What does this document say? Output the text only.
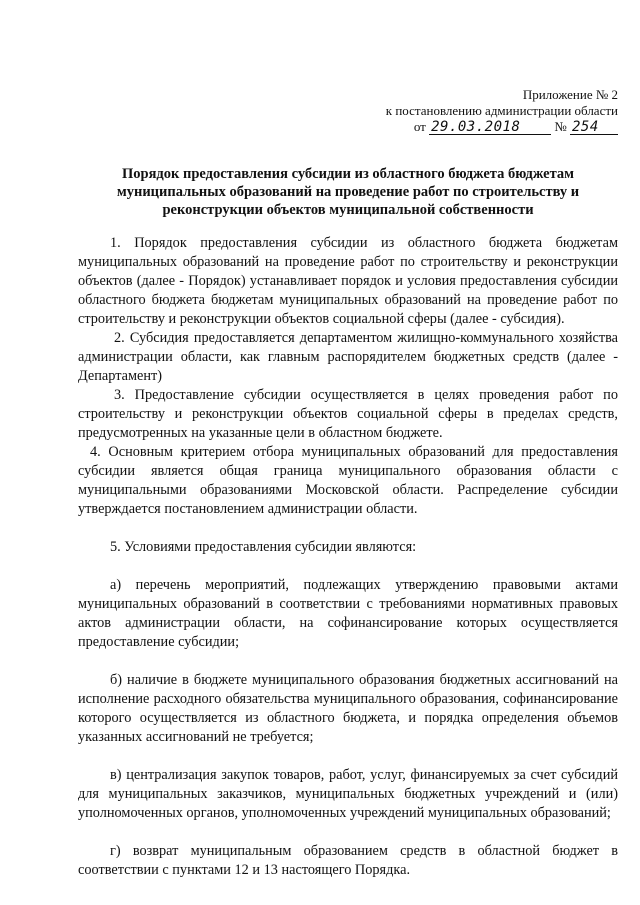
Приложение № 2
к постановлению администрации области
от 29.03.2018	№ 254
Порядок предоставления субсидии из областного бюджета бюджетам муниципальных образований на проведение работ по строительству и реконструкции объектов муниципальной собственности

1. Порядок предоставления субсидии из областного бюджета бюджетам муниципальных образований на проведение работ по строительству и реконструкции объектов (далее - Порядок) устанавливает порядок и условия предоставления субсидии областного бюджета бюджетам муниципальных образований на проведение работ по строительству и реконструкции объектов социальной сферы (далее - субсидия).

2. Субсидия предоставляется департаментом жилищно-коммунального хозяйства администрации области, как главным распорядителем бюджетных средств (далее - Департамент)

3. Предоставление субсидии осуществляется в целях проведения работ по строительству и реконструкции объектов социальной сферы в пределах средств, предусмотренных на указанные цели в областном бюджете.

4. Основным критерием отбора муниципальных образований для предоставления субсидии является общая граница муниципального образования области с муниципальными образованиями Московской области. Распределение субсидии утверждается постановлением администрации области.

5. Условиями предоставления субсидии являются:

а) перечень мероприятий, подлежащих утверждению правовыми актами муниципальных образований в соответствии с требованиями нормативных правовых актов администрации области, на софинансирование которых осуществляется предоставление субсидии;

б) наличие в бюджете муниципального образования бюджетных ассигнований на исполнение расходного обязательства муниципального образования, софинансирование которого осуществляется из областного бюджета, и порядка определения объемов указанных ассигнований не требуется;

в) централизация закупок товаров, работ, услуг, финансируемых за счет субсидий для муниципальных заказчиков, муниципальных бюджетных учреждений и (или) уполномоченных органов, уполномоченных учреждений муниципальных образований;

г) возврат муниципальным образованием средств в областной бюджет в соответствии с пунктами 12 и 13 настоящего Порядка.
